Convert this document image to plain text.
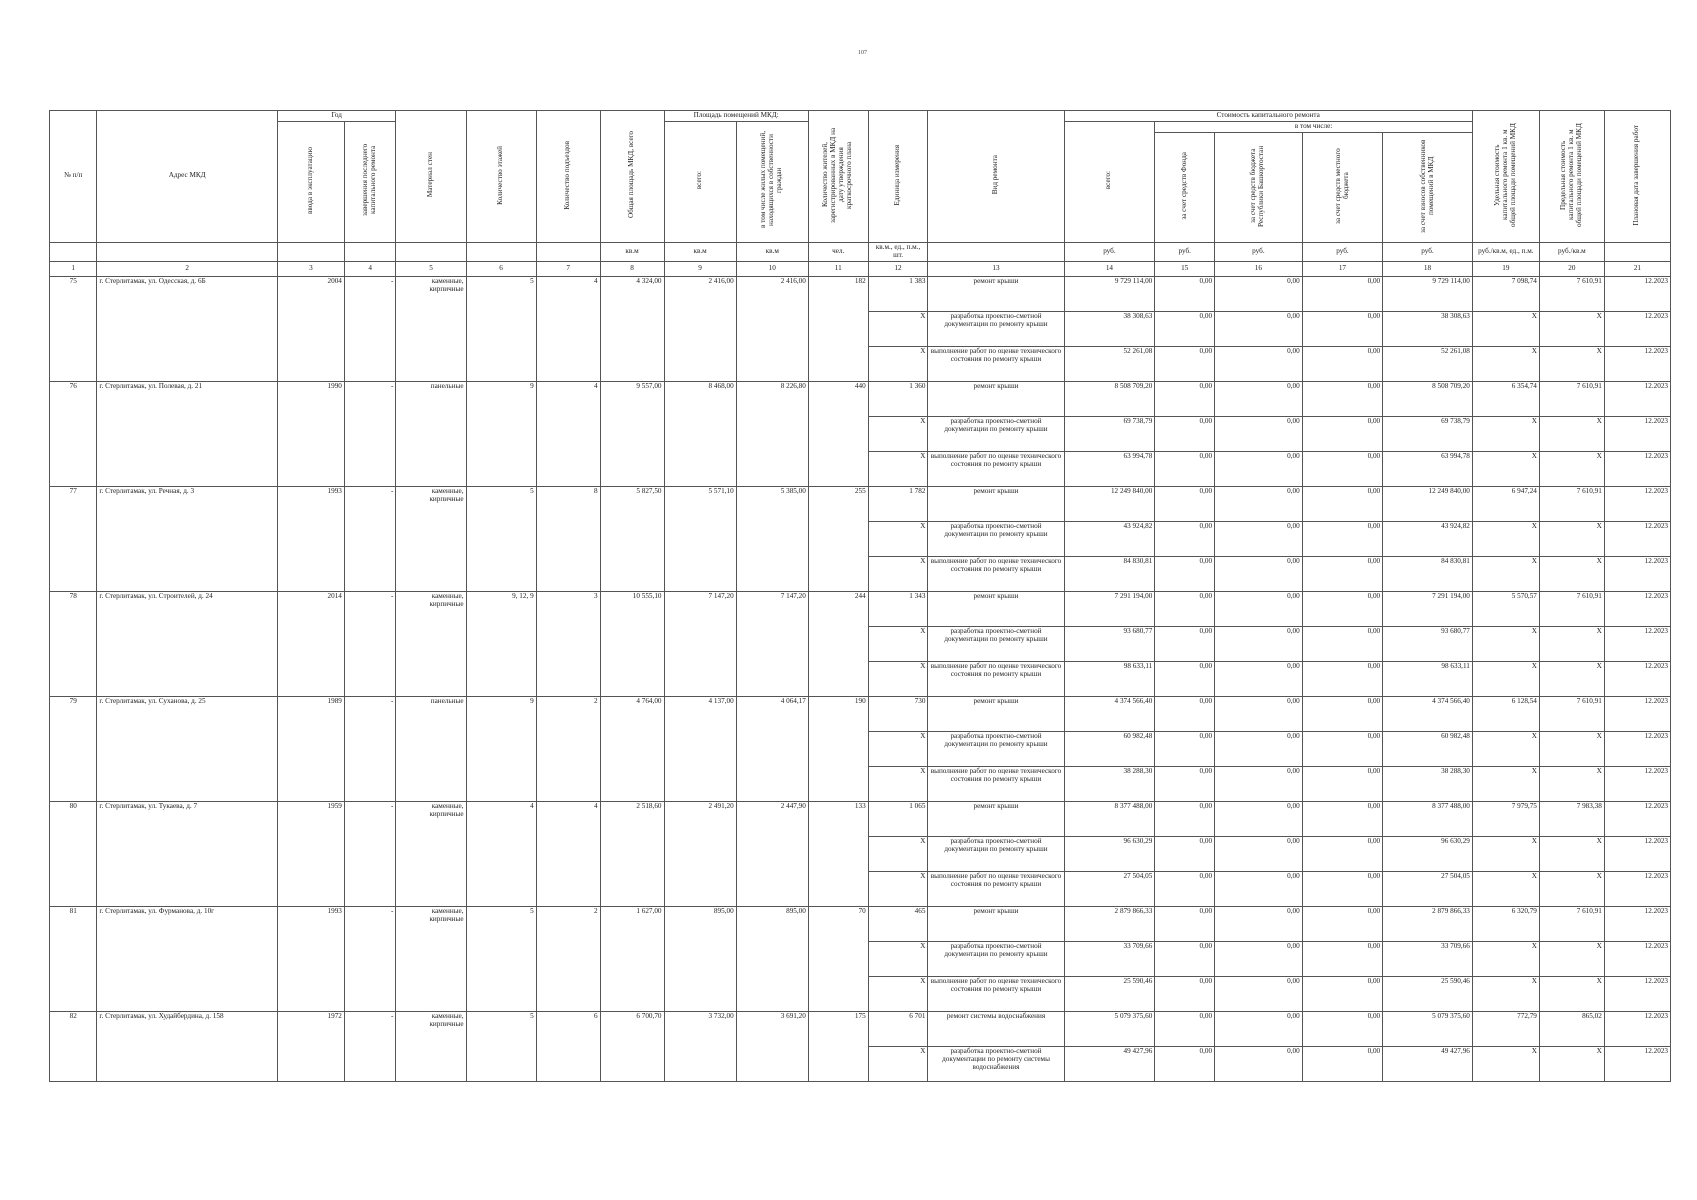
107
№ п/п	Адрес МКД	Год		Материал стен	Количество этажей	Количество подъездов	Общая площадь МКД, всего	Площадь помещений МКД:		Количество жителей, зарегистрированных в МКД на дату утверждения краткосрочного плана	Единица измерения	Вид ремонта	Стоимость капитального ремонта					Удельная стоимость капитального ремонта 1 кв. м общей площади помещений МКД	Предельная стоимость капитального ремонта 1 кв. м общей площади помещений МКД	Плановая дата завершения работ
		ввода в эксплуатацию	завершения последнего капитального ремонта					всего:	в том числе жилых помещений, находящихся в собственности граждан				всего:	в том числе:						
														за счет средств Фонда	за счет средств бюджета Республики Башкортостан	за счет средств местного бюджета	за счет взносов собственников помещений в МКД			
							кв.м	кв.м	кв.м	чел.	кв.м., ед., п.м., шт.		руб.	руб.	руб.	руб.	руб.	руб./кв.м, ед., п.м.	руб./кв.м	
1	2	3	4	5	6	7	8	9	10	11	12	13	14	15	16	17	18	19	20	21
75	г. Стерлитамак, ул. Одесская, д. 6Б	2004	-	каменные, кирпичные	5	4	4 324,00	2 416,00	2 416,00	182	1 383	ремонт крыши	9 729 114,00	0,00	0,00	0,00	9 729 114,00	7 098,74	7 610,91	12.2023
											X	разработка проектно-сметной документации по ремонту крыши	38 308,63	0,00	0,00	0,00	38 308,63	X	X	12.2023
											X	выполнение работ по оценке технического состояния по ремонту крыши	52 261,08	0,00	0,00	0,00	52 261,08	X	X	12.2023
76	г. Стерлитамак, ул. Полевая, д. 21	1990	-	панельные	9	4	9 557,00	8 468,00	8 226,80	440	1 360	ремонт крыши	8 508 709,20	0,00	0,00	0,00	8 508 709,20	6 354,74	7 610,91	12.2023
											X	разработка проектно-сметной документации по ремонту крыши	69 738,79	0,00	0,00	0,00	69 738,79	X	X	12.2023
											X	выполнение работ по оценке технического состояния по ремонту крыши	63 994,78	0,00	0,00	0,00	63 994,78	X	X	12.2023
77	г. Стерлитамак, ул. Речная, д. 3	1993	-	каменные, кирпичные	5	8	5 827,50	5 571,10	5 385,00	255	1 782	ремонт крыши	12 249 840,00	0,00	0,00	0,00	12 249 840,00	6 947,24	7 610,91	12.2023
											X	разработка проектно-сметной документации по ремонту крыши	43 924,82	0,00	0,00	0,00	43 924,82	X	X	12.2023
											X	выполнение работ по оценке технического состояния по ремонту крыши	84 830,81	0,00	0,00	0,00	84 830,81	X	X	12.2023
78	г. Стерлитамак, ул. Строителей, д. 24	2014	-	каменные, кирпичные	9, 12, 9	3	10 555,10	7 147,20	7 147,20	244	1 343	ремонт крыши	7 291 194,00	0,00	0,00	0,00	7 291 194,00	5 570,57	7 610,91	12.2023
											X	разработка проектно-сметной документации по ремонту крыши	93 680,77	0,00	0,00	0,00	93 680,77	X	X	12.2023
											X	выполнение работ по оценке технического состояния по ремонту крыши	98 633,11	0,00	0,00	0,00	98 633,11	X	X	12.2023
79	г. Стерлитамак, ул. Суханова, д. 25	1989	-	панельные	9	2	4 764,00	4 137,00	4 064,17	190	730	ремонт крыши	4 374 566,40	0,00	0,00	0,00	4 374 566,40	6 128,54	7 610,91	12.2023
											X	разработка проектно-сметной документации по ремонту крыши	60 982,48	0,00	0,00	0,00	60 982,48	X	X	12.2023
											X	выполнение работ по оценке технического состояния по ремонту крыши	38 288,30	0,00	0,00	0,00	38 288,30	X	X	12.2023
80	г. Стерлитамак, ул. Тукаева, д. 7	1959	-	каменные, кирпичные	4	4	2 518,60	2 491,20	2 447,90	133	1 065	ремонт крыши	8 377 488,00	0,00	0,00	0,00	8 377 488,00	7 979,75	7 983,38	12.2023
											X	разработка проектно-сметной документации по ремонту крыши	96 630,29	0,00	0,00	0,00	96 630,29	X	X	12.2023
											X	выполнение работ по оценке технического состояния по ремонту крыши	27 504,05	0,00	0,00	0,00	27 504,05	X	X	12.2023
81	г. Стерлитамак, ул. Фурманова, д. 10г	1993	-	каменные, кирпичные	5	2	1 627,00	895,00	895,00	70	465	ремонт крыши	2 879 866,33	0,00	0,00	0,00	2 879 866,33	6 320,79	7 610,91	12.2023
											X	разработка проектно-сметной документации по ремонту крыши	33 709,66	0,00	0,00	0,00	33 709,66	X	X	12.2023
											X	выполнение работ по оценке технического состояния по ремонту крыши	25 590,46	0,00	0,00	0,00	25 590,46	X	X	12.2023
82	г. Стерлитамак, ул. Худайбердина, д. 158	1972	-	каменные, кирпичные	5	6	6 700,70	3 732,00	3 691,20	175	6 701	ремонт системы водоснабжения	5 079 375,60	0,00	0,00	0,00	5 079 375,60	772,79	865,02	12.2023
											X	разработка проектно-сметной документации по ремонту системы водоснабжения	49 427,96	0,00	0,00	0,00	49 427,96	X	X	12.2023
